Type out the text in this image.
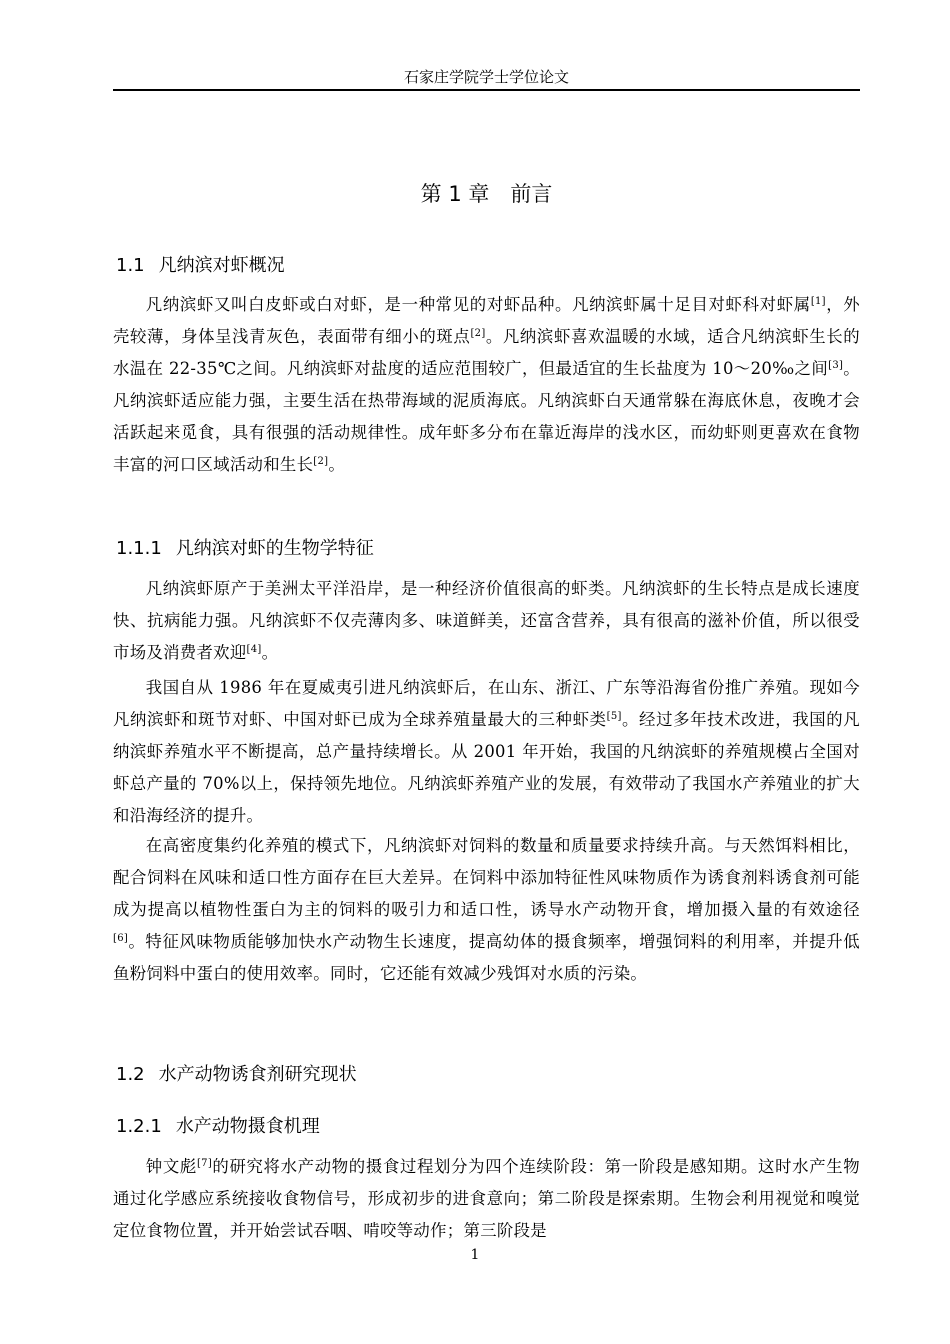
石家庄学院学士学位论文
第 1 章　前言
1.1 凡纳滨对虾概况

凡纳滨虾又叫白皮虾或白对虾，是一种常见的对虾品种。凡纳滨虾属十足目对虾科对虾属[1]，外壳较薄，身体呈浅青灰色，表面带有细小的斑点[2]。凡纳滨虾喜欢温暖的水域，适合凡纳滨虾生长的水温在 22-35℃之间。凡纳滨虾对盐度的适应范围较广，但最适宜的生长盐度为 10～20‰之间[3]。凡纳滨虾适应能力强，主要生活在热带海域的泥质海底。凡纳滨虾白天通常躲在海底休息，夜晚才会活跃起来觅食，具有很强的活动规律性。成年虾多分布在靠近海岸的浅水区，而幼虾则更喜欢在食物丰富的河口区域活动和生长[2]。

1.1.1 凡纳滨对虾的生物学特征

凡纳滨虾原产于美洲太平洋沿岸，是一种经济价值很高的虾类。凡纳滨虾的生长特点是成长速度快、抗病能力强。凡纳滨虾不仅壳薄肉多、味道鲜美，还富含营养，具有很高的滋补价值，所以很受市场及消费者欢迎[4]。

我国自从 1986 年在夏威夷引进凡纳滨虾后，在山东、浙江、广东等沿海省份推广养殖。现如今凡纳滨虾和斑节对虾、中国对虾已成为全球养殖量最大的三种虾类[5]。经过多年技术改进，我国的凡纳滨虾养殖水平不断提高，总产量持续增长。从 2001 年开始，我国的凡纳滨虾的养殖规模占全国对虾总产量的 70%以上，保持领先地位。凡纳滨虾养殖产业的发展，有效带动了我国水产养殖业的扩大和沿海经济的提升。

在高密度集约化养殖的模式下，凡纳滨虾对饲料的数量和质量要求持续升高。与天然饵料相比，配合饲料在风味和适口性方面存在巨大差异。在饲料中添加特征性风味物质作为诱食剂料诱食剂可能成为提高以植物性蛋白为主的饲料的吸引力和适口性，诱导水产动物开食，增加摄入量的有效途径[6]。特征风味物质能够加快水产动物生长速度，提高幼体的摄食频率，增强饲料的利用率，并提升低鱼粉饲料中蛋白的使用效率。同时，它还能有效减少残饵对水质的污染。

1.2 水产动物诱食剂研究现状
1.2.1 水产动物摄食机理

钟文彪[7]的研究将水产动物的摄食过程划分为四个连续阶段：第一阶段是感知期。这时水产生物通过化学感应系统接收食物信号，形成初步的进食意向；第二阶段是探索期。生物会利用视觉和嗅觉定位食物位置，并开始尝试吞咽、啃咬等动作；第三阶段是

1
